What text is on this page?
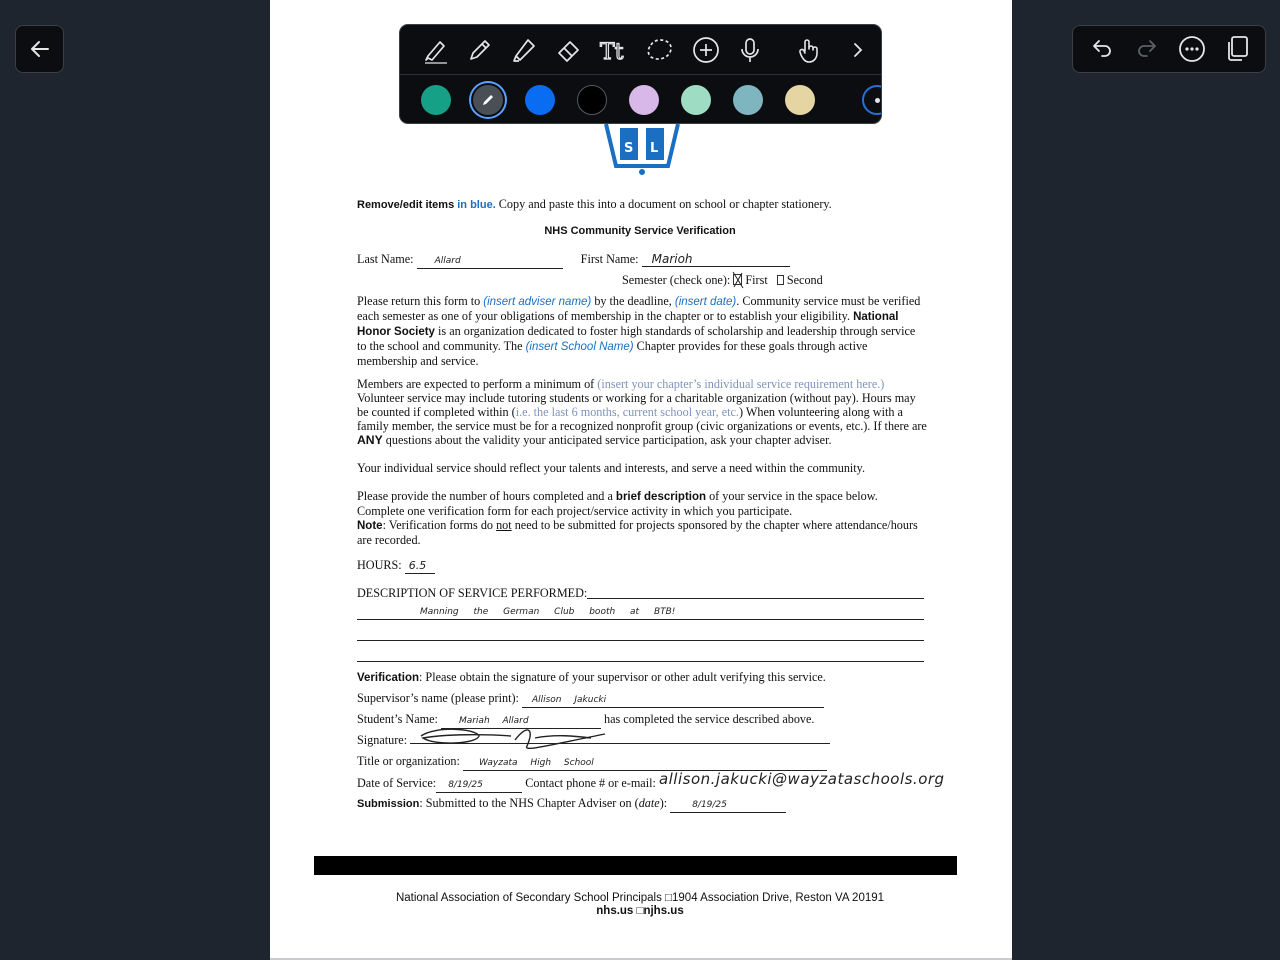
S L
Tt
Remove/edit items in blue. Copy and paste this into a document on school or chapter stationery.
NHS Community Service Verification
Last Name: Allard	First Name: Marioh
Semester (check one): First Second
Please return this form to (insert adviser name) by the deadline, (insert date). Community service must be verified each semester as one of your obligations of membership in the chapter or to establish your eligibility. National Honor Society is an organization dedicated to foster high standards of scholarship and leadership through service to the school and community. The (insert School Name) Chapter provides for these goals through active membership and service.
Members are expected to perform a minimum of (insert your chapter’s individual service requirement here.) Volunteer service may include tutoring students or working for a charitable organization (without pay). Hours may be counted if completed within (i.e. the last 6 months, current school year, etc.) When volunteering along with a family member, the service must be for a recognized nonprofit group (civic organizations or events, etc.). If there are ANY questions about the validity your anticipated service participation, ask your chapter adviser.
Your individual service should reflect your talents and interests, and serve a need within the community.
Please provide the number of hours completed and a brief description of your service in the space below. Complete one verification form for each project/service activity in which you participate.
Note: Verification forms do not need to be submitted for projects sponsored by the chapter where attendance/hours are recorded.
HOURS: 6.5
DESCRIPTION OF SERVICE PERFORMED:
Manning the German Club booth at BTB!
Verification: Please obtain the signature of your supervisor or other adult verifying this service.
Supervisor’s name (please print): Allison Jakucki
Student’s Name: Mariah Allard	has completed the service described above.
Signature:
Title or organization: Wayzata High School
Date of Service: 8/19/25	Contact phone # or e-mail: allison.jakucki@wayzataschools.org
Submission: Submitted to the NHS Chapter Adviser on (date):	8/19/25
National Association of Secondary School Principals □1904 Association Drive, Reston VA 20191
nhs.us □njhs.us
